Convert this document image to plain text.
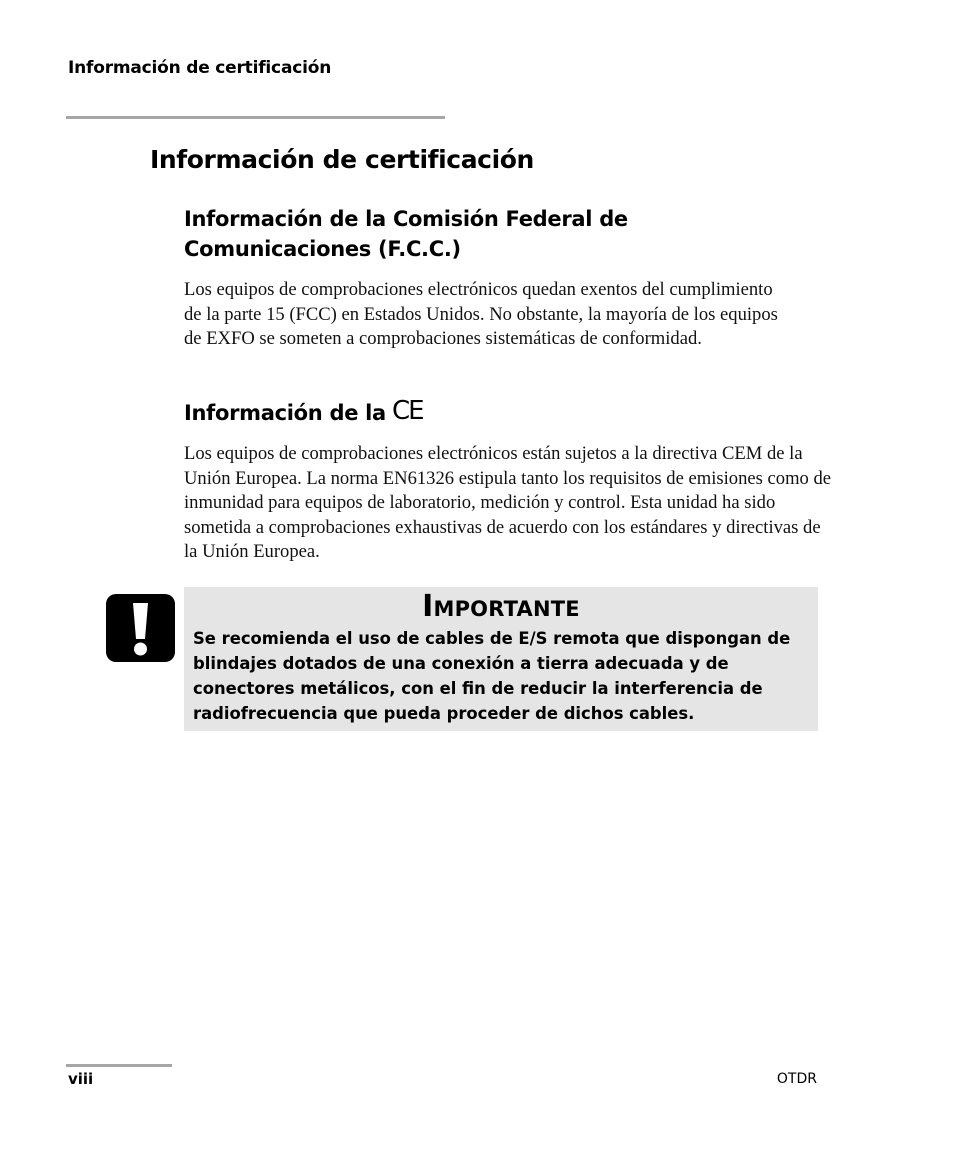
Información de certificación
Información de certificación
Información de la Comisión Federal de Comunicaciones (F.C.C.)

Los equipos de comprobaciones electrónicos quedan exentos del cumplimiento de la parte 15 (FCC) en Estados Unidos. No obstante, la mayoría de los equipos de EXFO se someten a comprobaciones sistemáticas de conformidad.

Información de la CE

Los equipos de comprobaciones electrónicos están sujetos a la directiva CEM de la Unión Europea. La norma EN61326 estipula tanto los requisitos de emisiones como de inmunidad para equipos de laboratorio, medición y control. Esta unidad ha sido sometida a comprobaciones exhaustivas de acuerdo con los estándares y directivas de la Unión Europea.

Importante

Se recomienda el uso de cables de E/S remota que dispongan de blindajes dotados de una conexión a tierra adecuada y de conectores metálicos, con el fin de reducir la interferencia de radiofrecuencia que pueda proceder de dichos cables.

viii	OTDR
